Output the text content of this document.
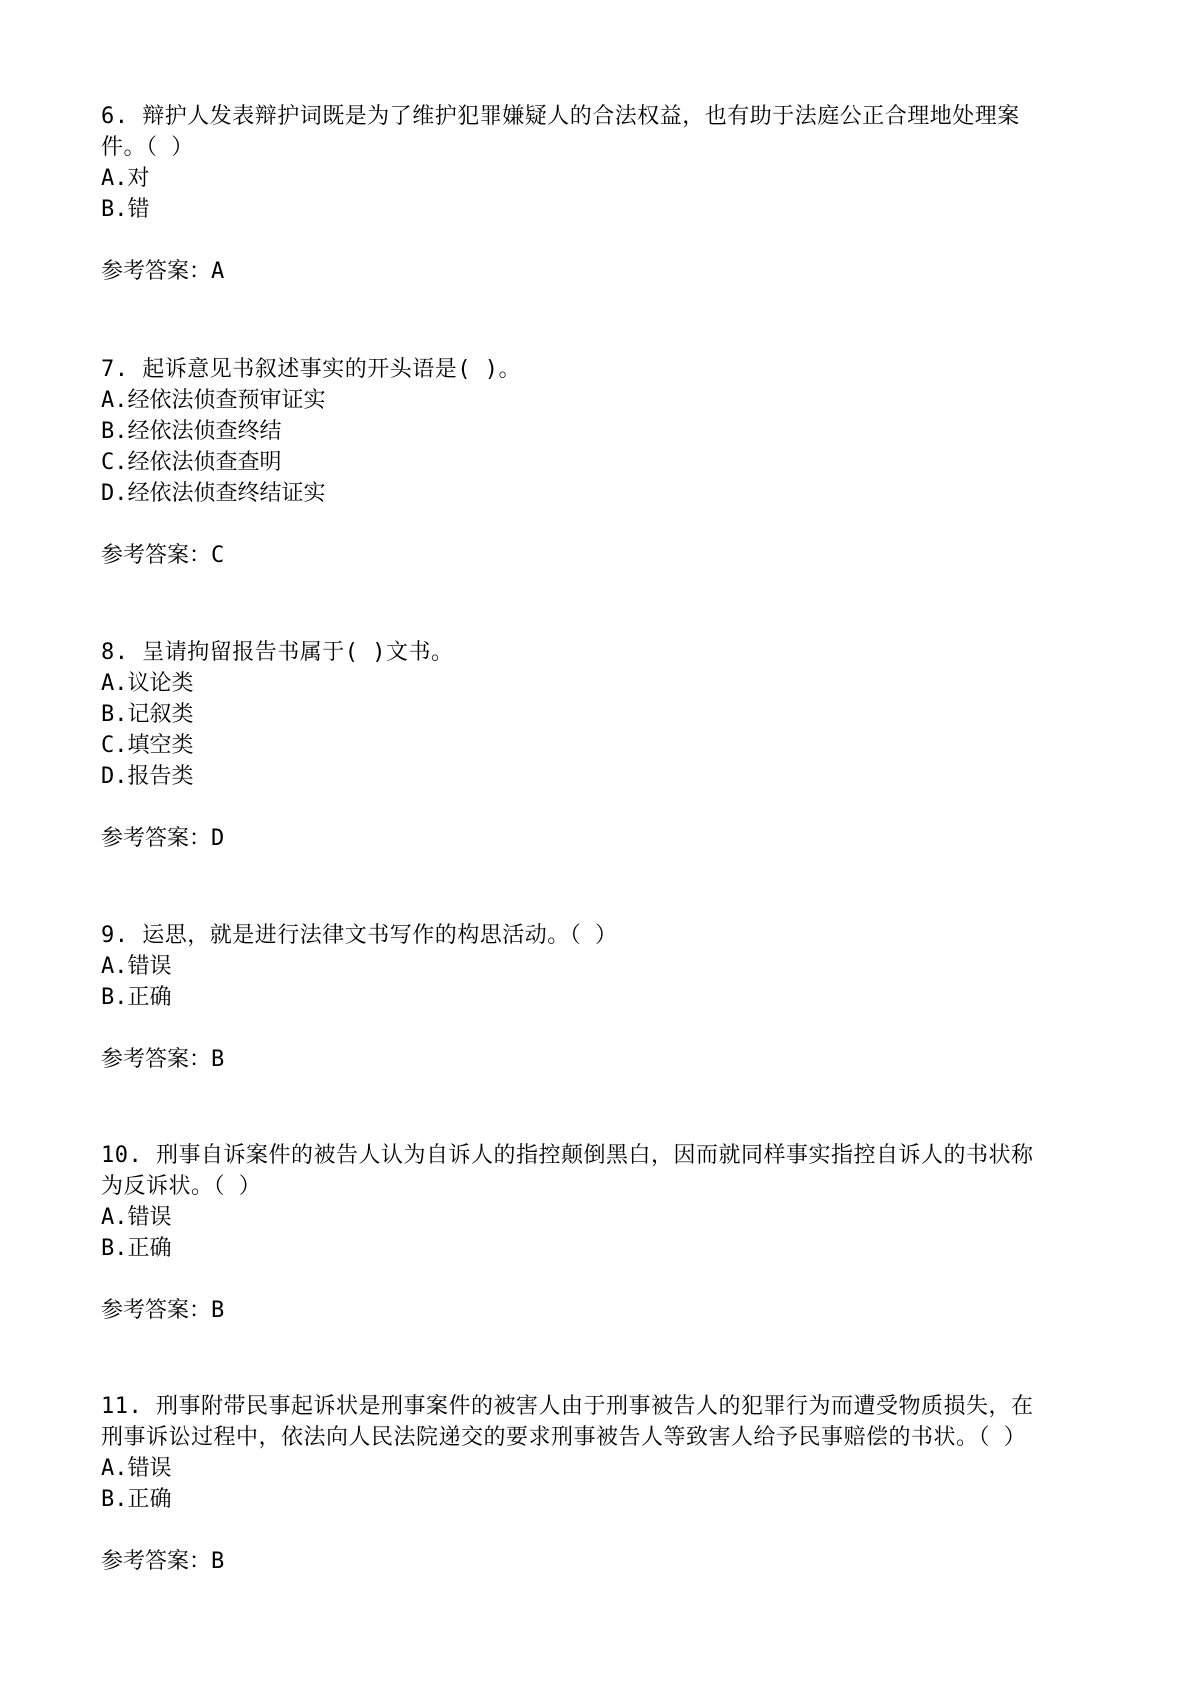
6. 辩护人发表辩护词既是为了维护犯罪嫌疑人的合法权益，也有助于法庭公正合理地处理案
件。（ ）
A.对
B.错
参考答案：A
7. 起诉意见书叙述事实的开头语是( )。
A.经依法侦查预审证实
B.经依法侦查终结
C.经依法侦查查明
D.经依法侦查终结证实
参考答案：C
8. 呈请拘留报告书属于( )文书。
A.议论类
B.记叙类
C.填空类
D.报告类
参考答案：D
9. 运思，就是进行法律文书写作的构思活动。（ ）
A.错误
B.正确
参考答案：B
10. 刑事自诉案件的被告人认为自诉人的指控颠倒黑白，因而就同样事实指控自诉人的书状称
为反诉状。（ ）
A.错误
B.正确
参考答案：B
11. 刑事附带民事起诉状是刑事案件的被害人由于刑事被告人的犯罪行为而遭受物质损失，在
刑事诉讼过程中，依法向人民法院递交的要求刑事被告人等致害人给予民事赔偿的书状。（ ）
A.错误
B.正确
参考答案：B
